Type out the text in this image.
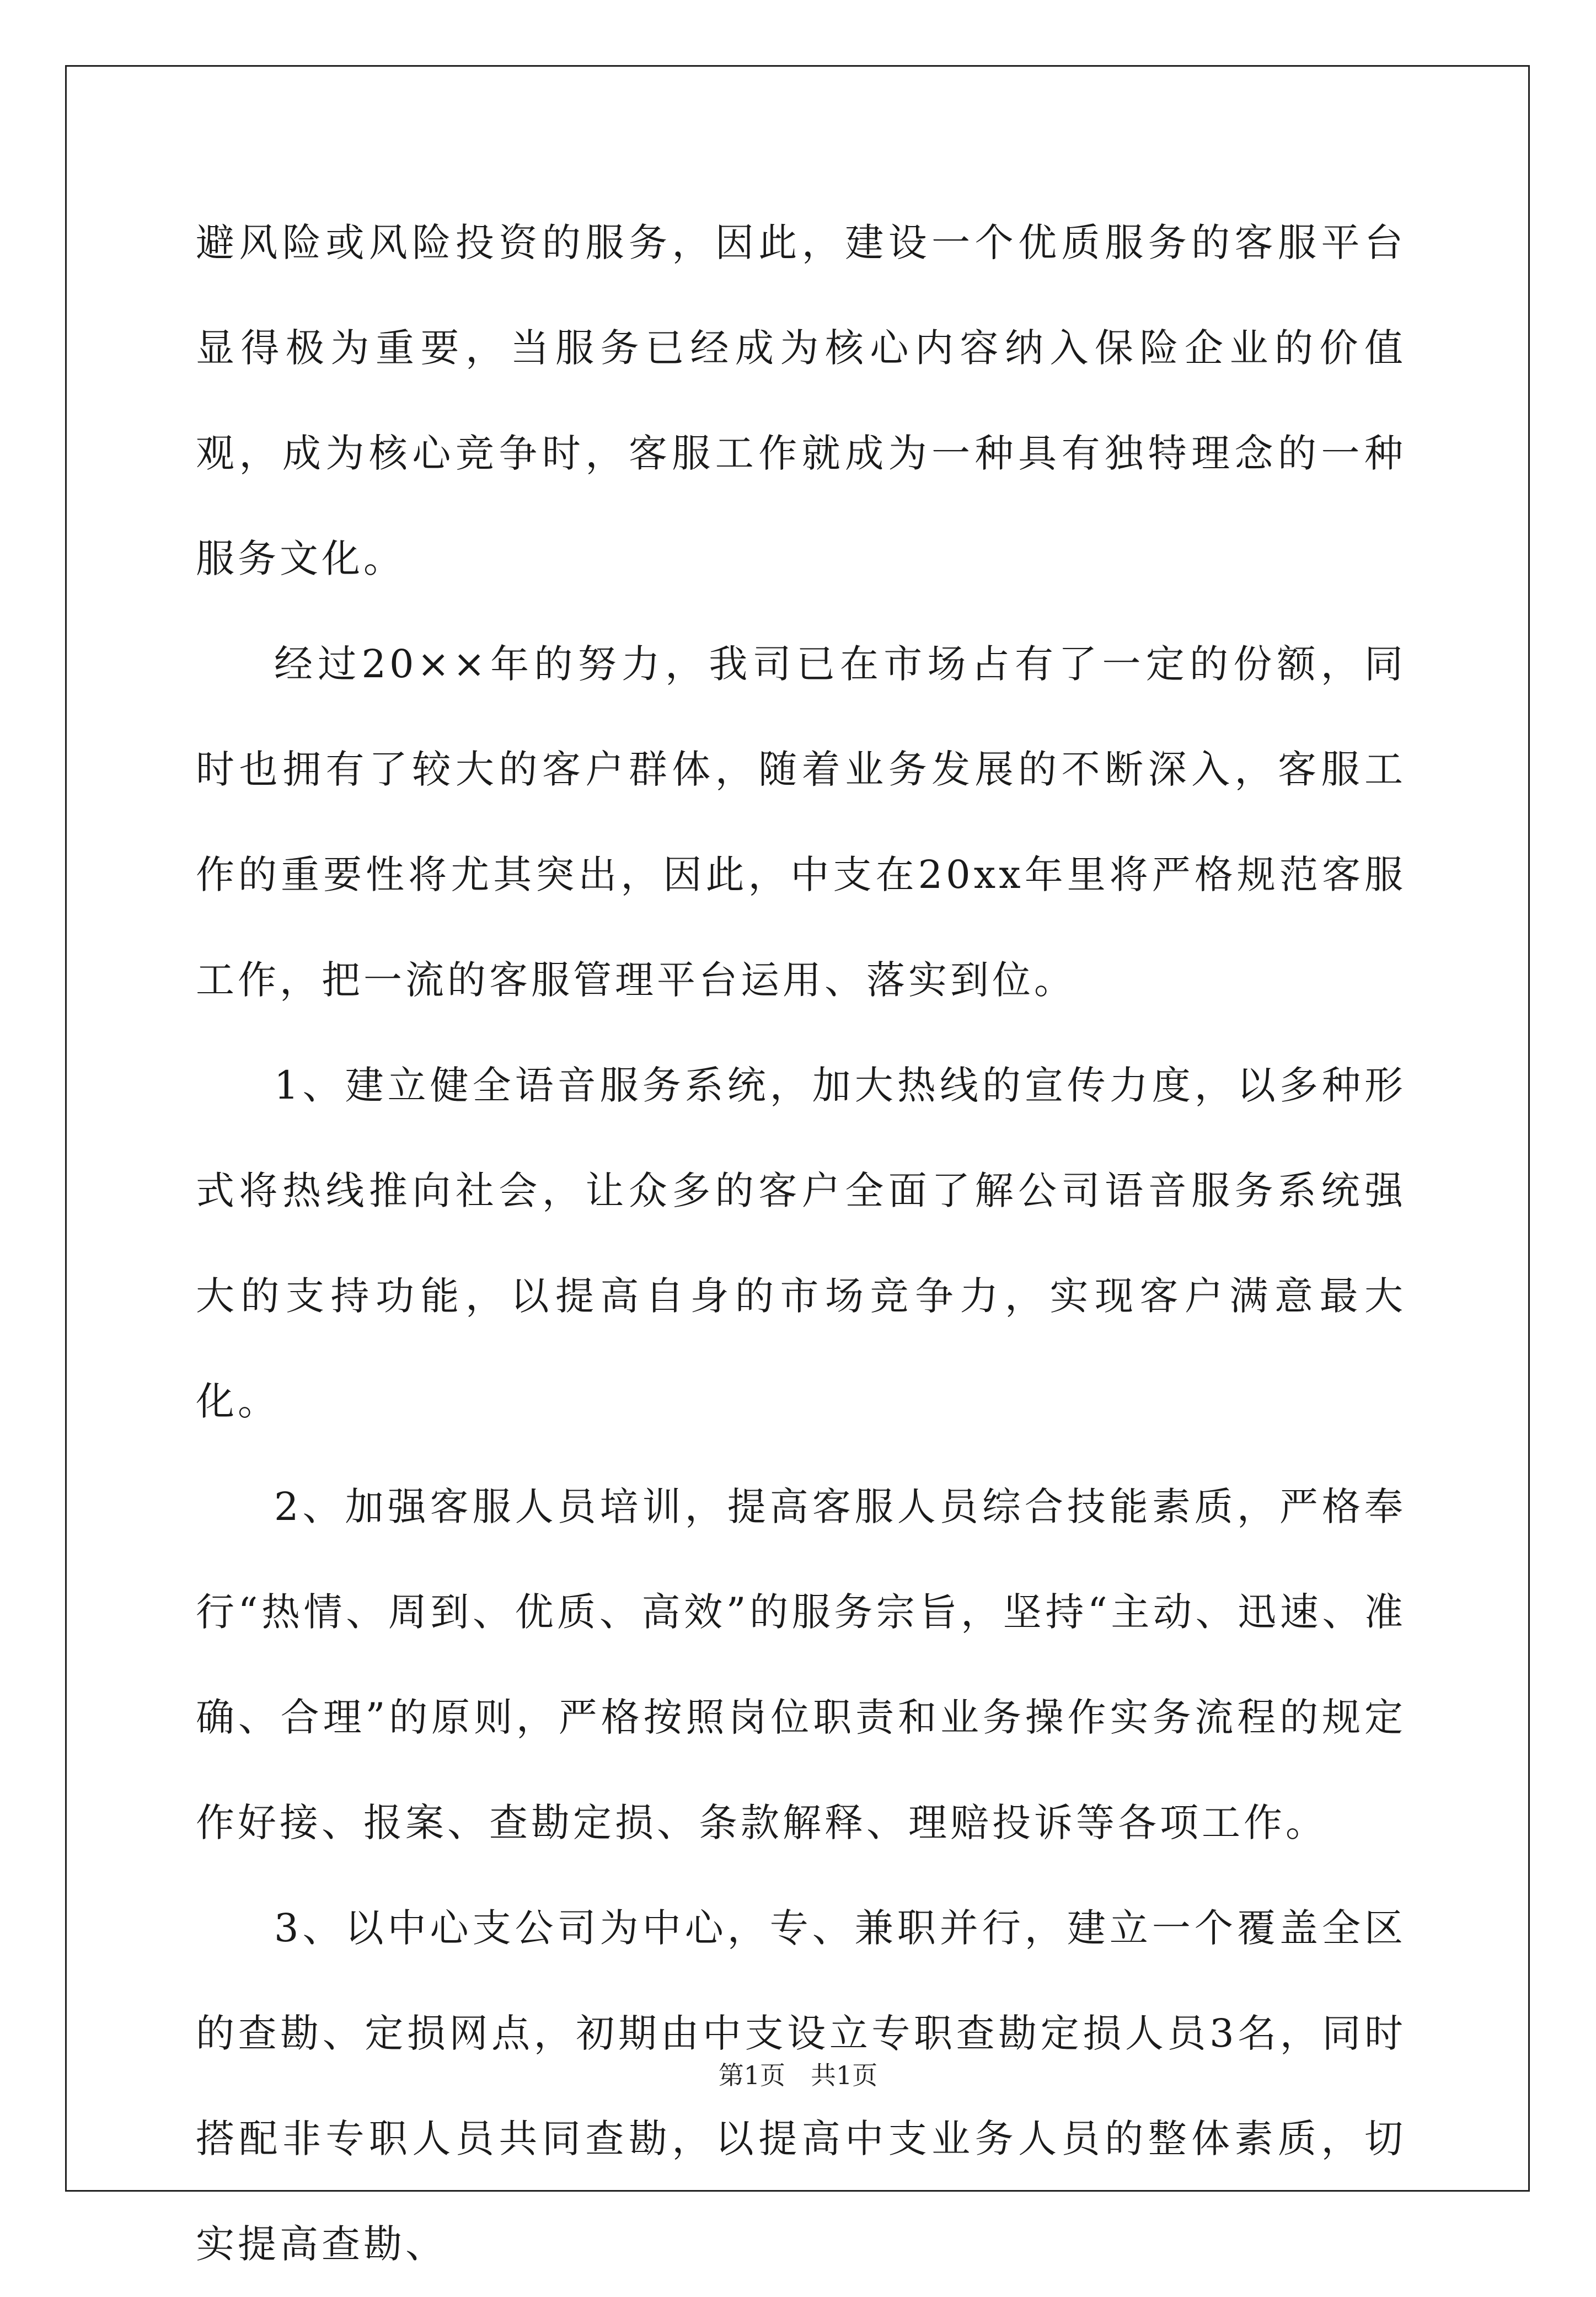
避风险或风险投资的服务，因此，建设一个优质服务的客服平台显得极为重要，当服务已经成为核心内容纳入保险企业的价值观，成为核心竞争时，客服工作就成为一种具有独特理念的一种服务文化。

经过20××年的努力，我司已在市场占有了一定的份额，同时也拥有了较大的客户群体，随着业务发展的不断深入，客服工作的重要性将尤其突出，因此，中支在20xx年里将严格规范客服工作，把一流的客服管理平台运用、落实到位。

1、建立健全语音服务系统，加大热线的宣传力度，以多种形式将热线推向社会，让众多的客户全面了解公司语音服务系统强大的支持功能，以提高自身的市场竞争力，实现客户满意最大化。

2、加强客服人员培训，提高客服人员综合技能素质，严格奉行“热情、周到、优质、高效”的服务宗旨，坚持“主动、迅速、准确、合理”的原则，严格按照岗位职责和业务操作实务流程的规定作好接、报案、查勘定损、条款解释、理赔投诉等各项工作。

3、以中心支公司为中心，专、兼职并行，建立一个覆盖全区的查勘、定损网点，初期由中支设立专职查勘定损人员3名，同时搭配非专职人员共同查勘，以提高中支业务人员的整体素质，切实提高查勘、

第1页　共1页
